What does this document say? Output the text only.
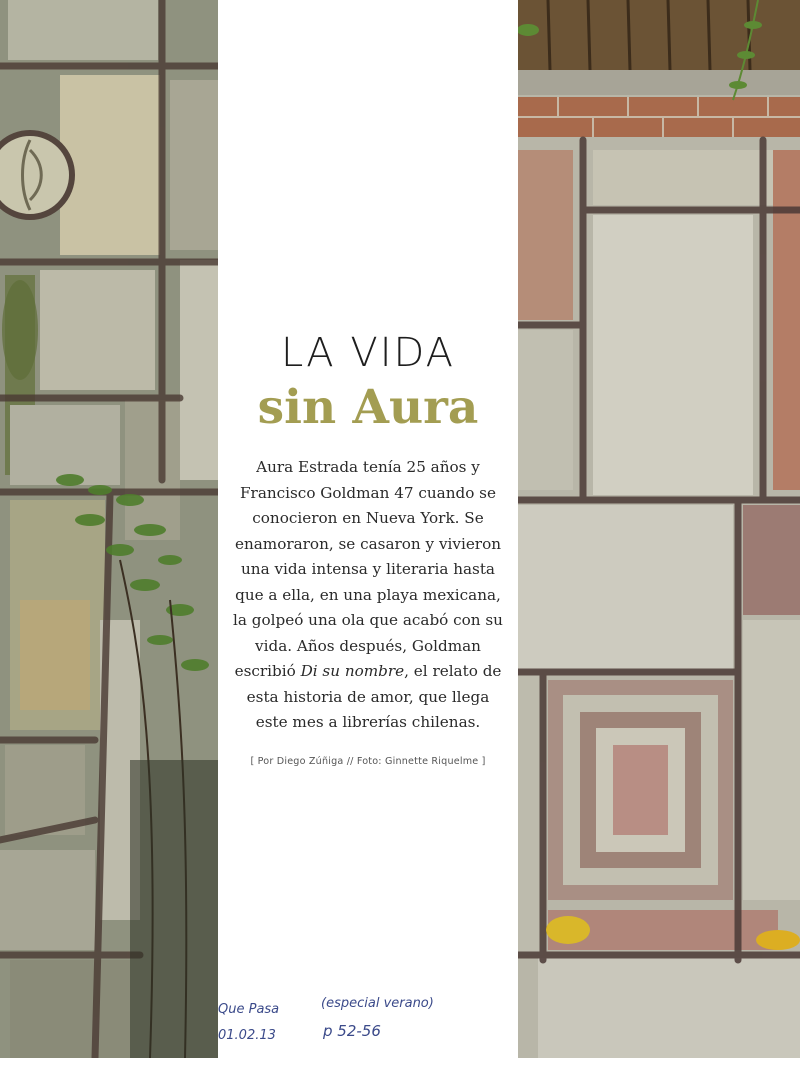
LA VIDA
sin Aura
Aura Estrada tenía 25 años y Francisco Goldman 47 cuando se conocieron en Nueva York. Se enamoraron, se casaron y vivieron una vida intensa y literaria hasta que a ella, en una playa mexicana, la golpeó una ola que acabó con su vida. Años después, Goldman escribió Di su nombre, el relato de esta historia de amor, que llega este mes a librerías chilenas.
[ Por Diego Zúñiga // Foto: Ginnette Riquelme ]
Que Pasa	(especial verano)
01.02.13	p 52-56
